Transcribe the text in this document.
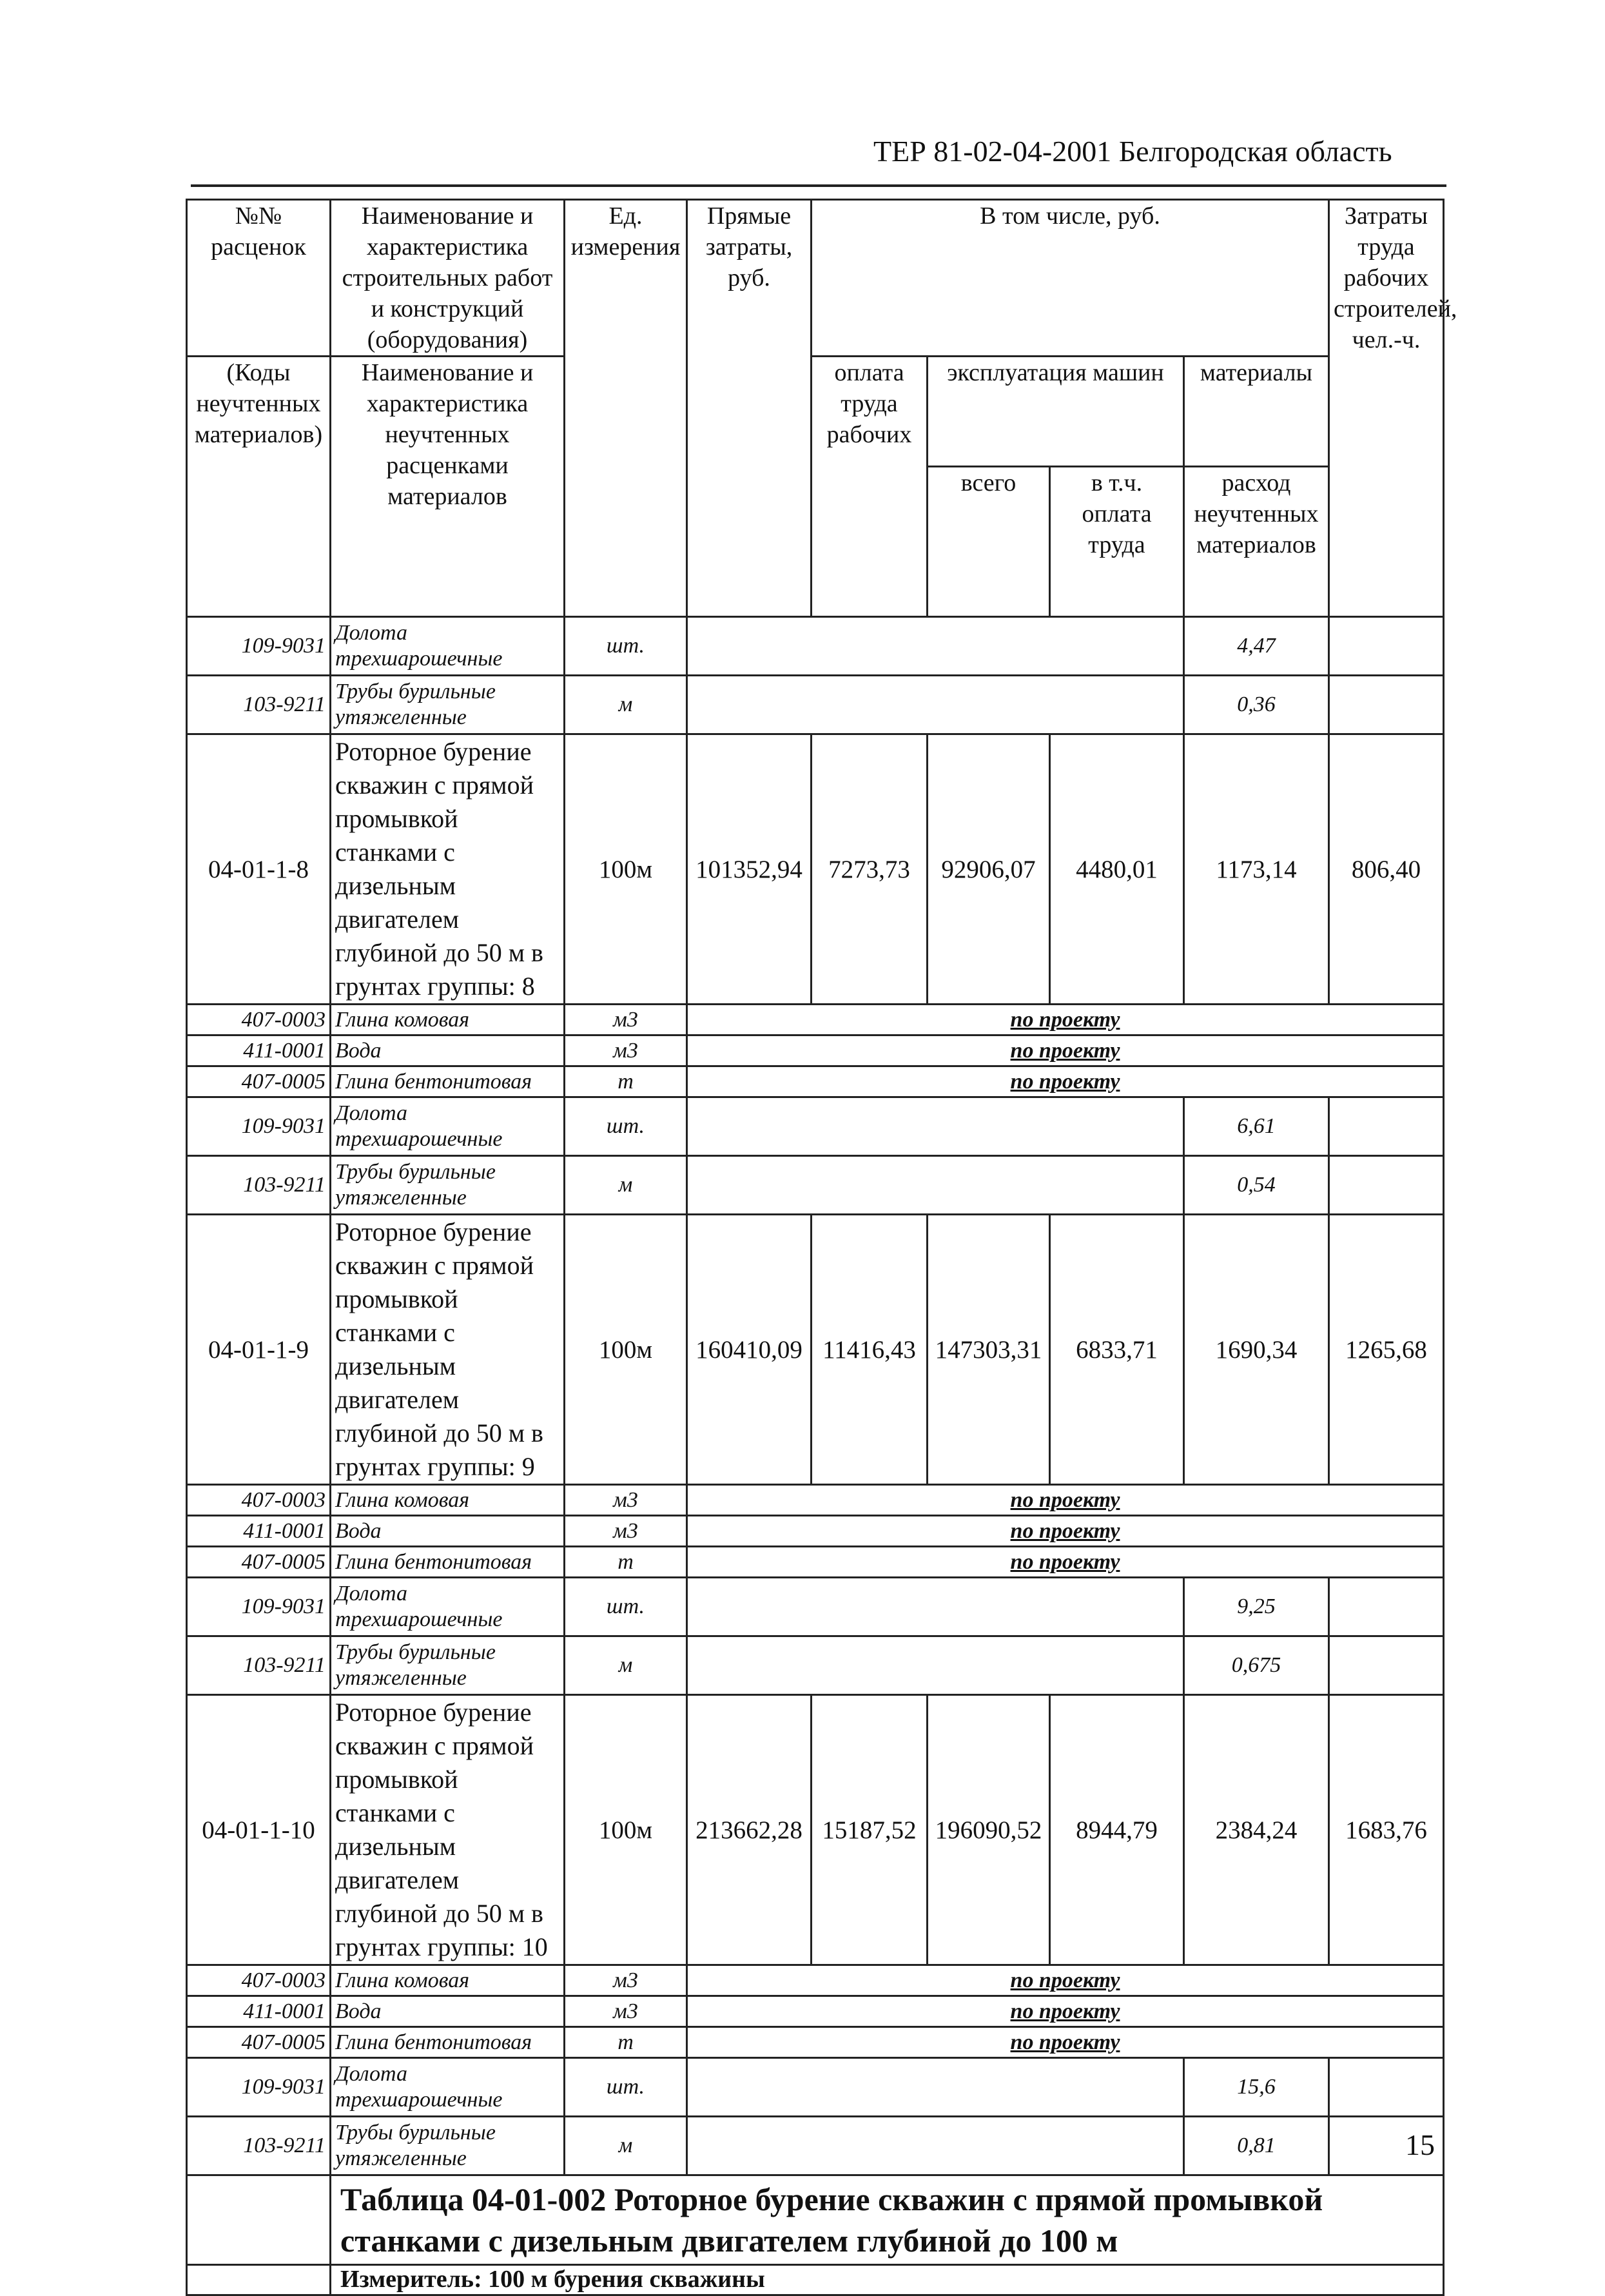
ТЕР 81-02-04-2001 Белгородская область
№№ расценок	Наименование и характеристика строительных работ и конструкций (оборудования)	Ед. измерения	Прямые затраты, руб.	В том числе, руб.				Затраты труда рабочих строителей, чел.-ч.
(Коды неучтенных материалов)	Наименование и характеристика неучтенных расценками материалов			оплата труда рабочих	эксплуатация машин		материалы	
					всего	в т.ч. оплата труда	расход неучтенных материалов	
109-9031	Долота трехшарошечные	шт.					4,47	
103-9211	Трубы бурильные утяжеленные	м					0,36	
04-01-1-8	Роторное бурение скважин с прямой промывкой станками с дизельным двигателем глубиной до 50 м в грунтах группы: 8	100м	101352,94	7273,73	92906,07	4480,01	1173,14	806,40
407-0003	Глина комовая	м3	по проекту					
411-0001	Вода	м3	по проекту					
407-0005	Глина бентонитовая	т	по проекту					
109-9031	Долота трехшарошечные	шт.					6,61	
103-9211	Трубы бурильные утяжеленные	м					0,54	
04-01-1-9	Роторное бурение скважин с прямой промывкой станками с дизельным двигателем глубиной до 50 м в грунтах группы: 9	100м	160410,09	11416,43	147303,31	6833,71	1690,34	1265,68
407-0003	Глина комовая	м3	по проекту					
411-0001	Вода	м3	по проекту					
407-0005	Глина бентонитовая	т	по проекту					
109-9031	Долота трехшарошечные	шт.					9,25	
103-9211	Трубы бурильные утяжеленные	м					0,675	
04-01-1-10	Роторное бурение скважин с прямой промывкой станками с дизельным двигателем глубиной до 50 м в грунтах группы: 10	100м	213662,28	15187,52	196090,52	8944,79	2384,24	1683,76
407-0003	Глина комовая	м3	по проекту					
411-0001	Вода	м3	по проекту					
407-0005	Глина бентонитовая	т	по проекту					
109-9031	Долота трехшарошечные	шт.					15,6	
103-9211	Трубы бурильные утяжеленные	м					0,81	
	Таблица 04-01-002 Роторное бурение скважин с прямой промывкой станками с дизельным двигателем глубиной до 100 м							
	Измеритель: 100 м бурения скважины							
15
